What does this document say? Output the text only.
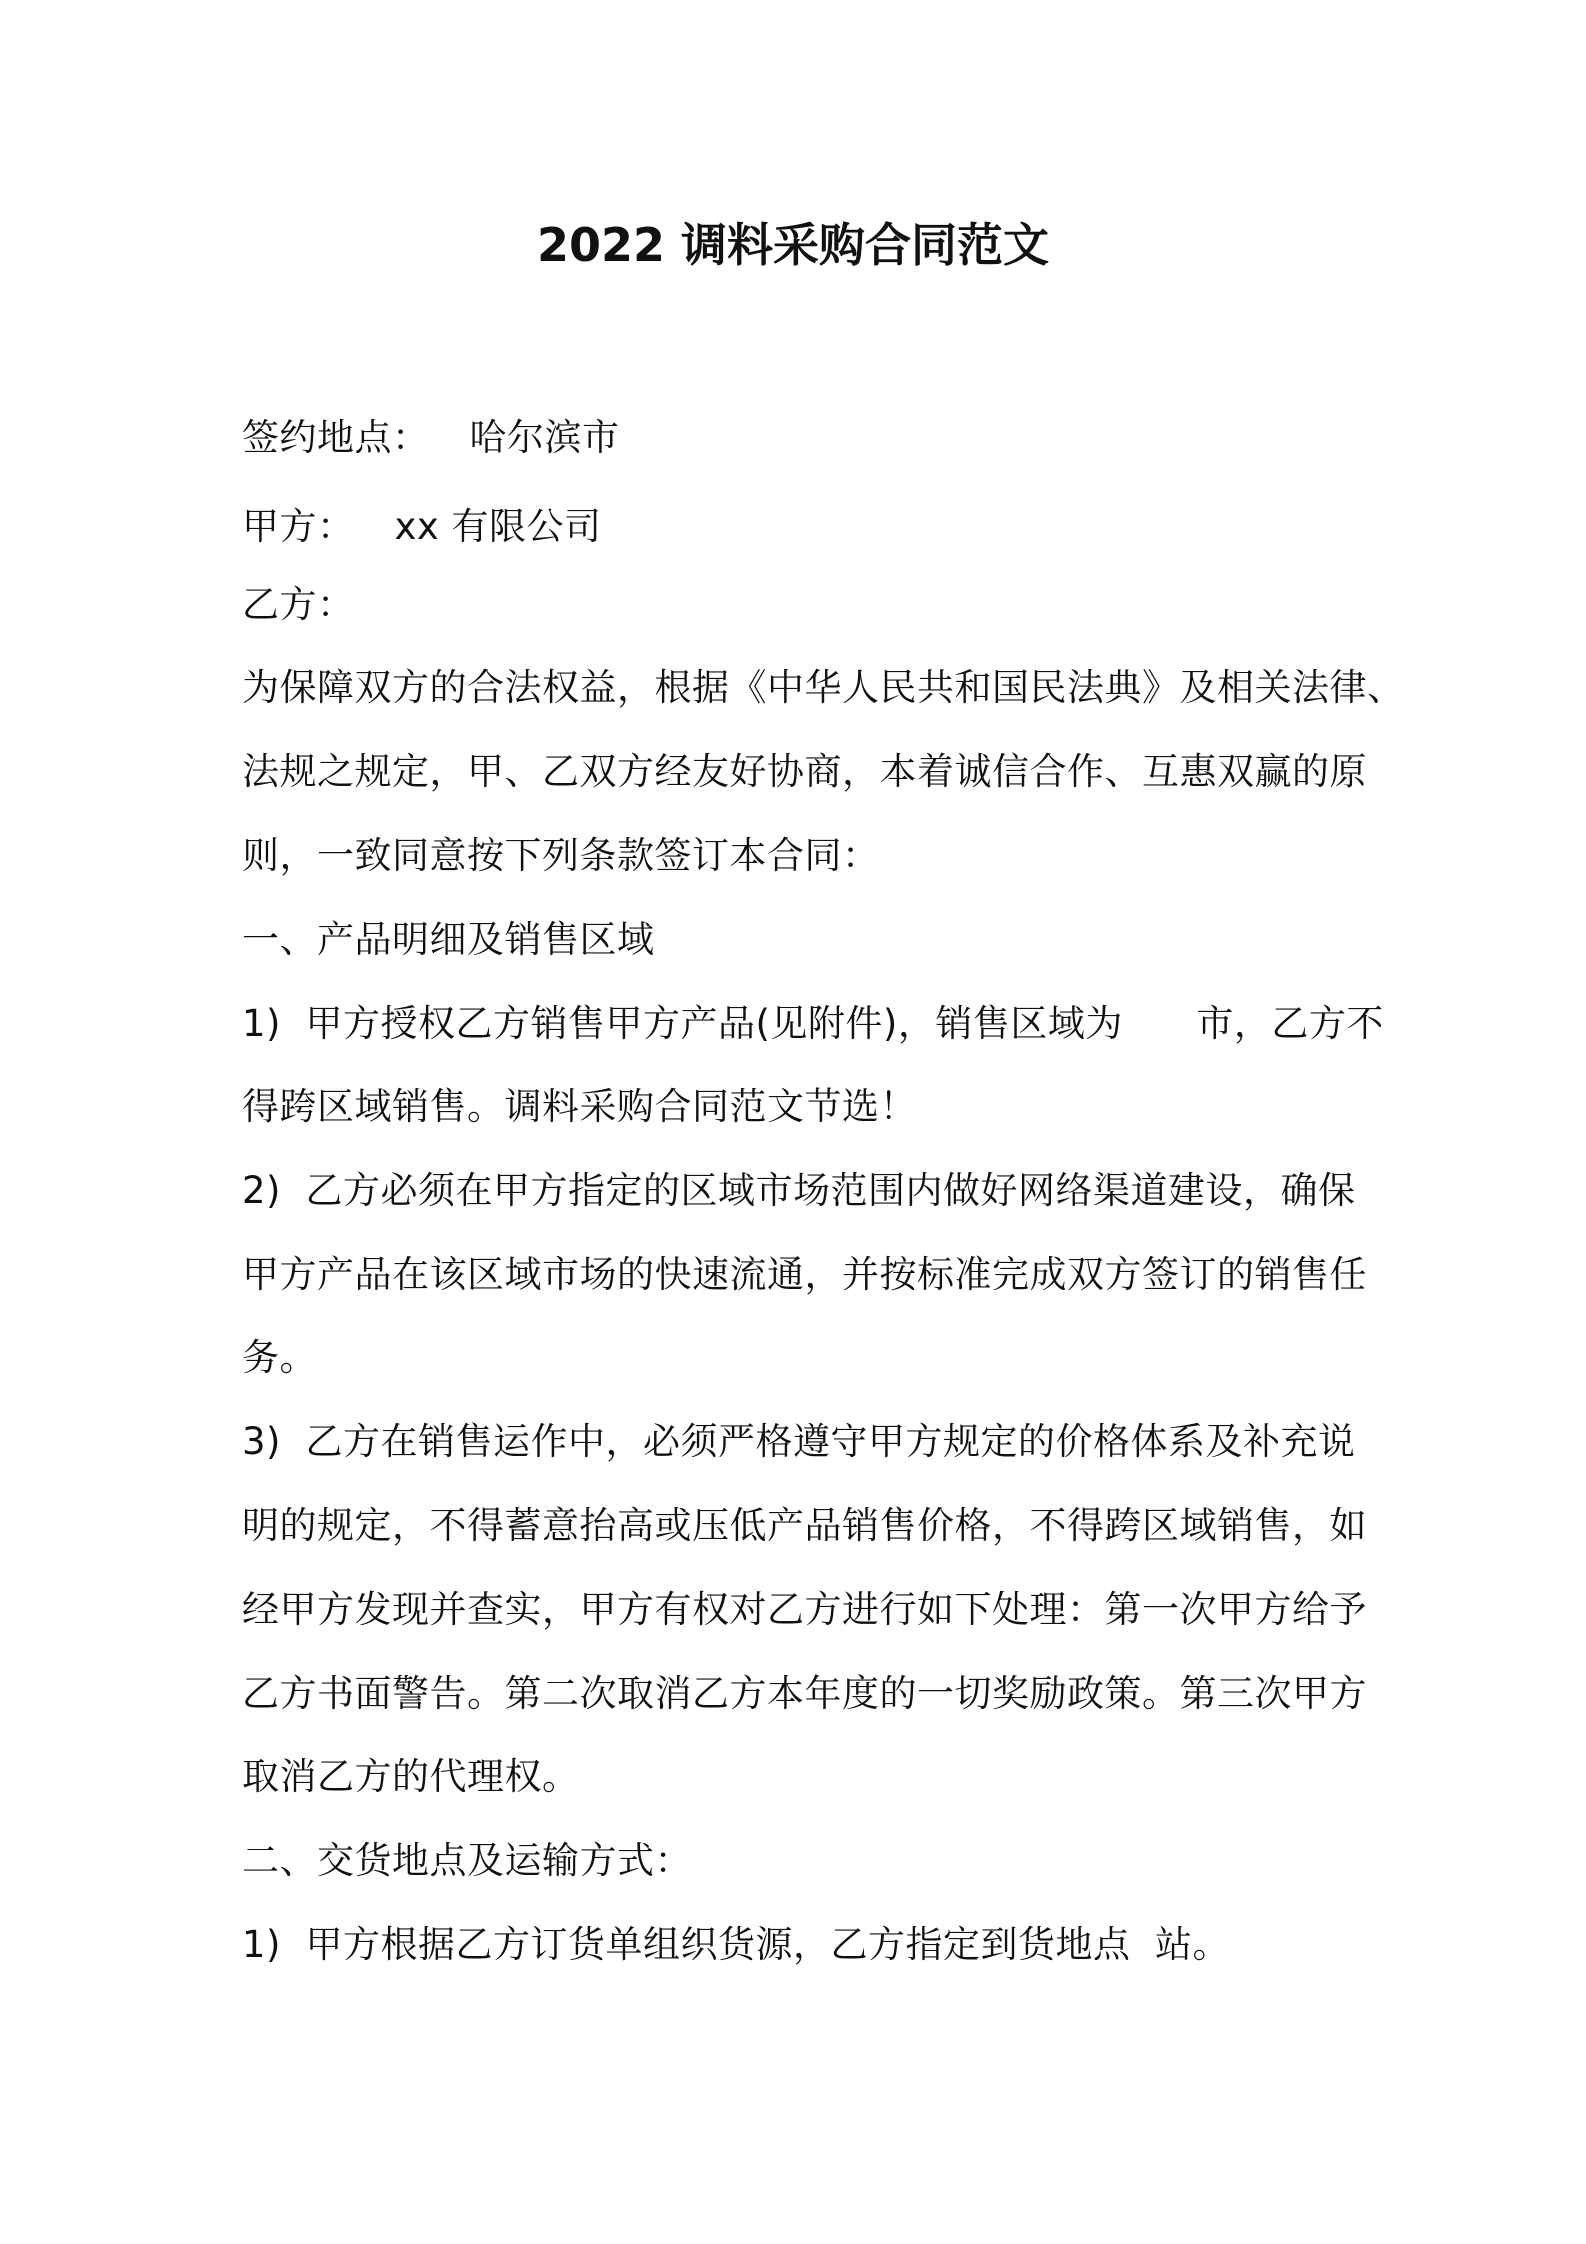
2022 调料采购合同范文
签约地点： 哈尔滨市
甲方： xx 有限公司
乙方：
为保障双方的合法权益，根据《中华人民共和国民法典》及相关法律、
法规之规定，甲、乙双方经友好协商，本着诚信合作、互惠双赢的原
则，一致同意按下列条款签订本合同：
一、产品明细及销售区域
1)  甲方授权乙方销售甲方产品(见附件)，销售区域为      市，乙方不
得跨区域销售。调料采购合同范文节选！
2)  乙方必须在甲方指定的区域市场范围内做好网络渠道建设，确保
甲方产品在该区域市场的快速流通，并按标准完成双方签订的销售任
务。
3)  乙方在销售运作中，必须严格遵守甲方规定的价格体系及补充说
明的规定，不得蓄意抬高或压低产品销售价格，不得跨区域销售，如
经甲方发现并查实，甲方有权对乙方进行如下处理：第一次甲方给予
乙方书面警告。第二次取消乙方本年度的一切奖励政策。第三次甲方
取消乙方的代理权。
二、交货地点及运输方式：
1)  甲方根据乙方订货单组织货源，乙方指定到货地点  站。
